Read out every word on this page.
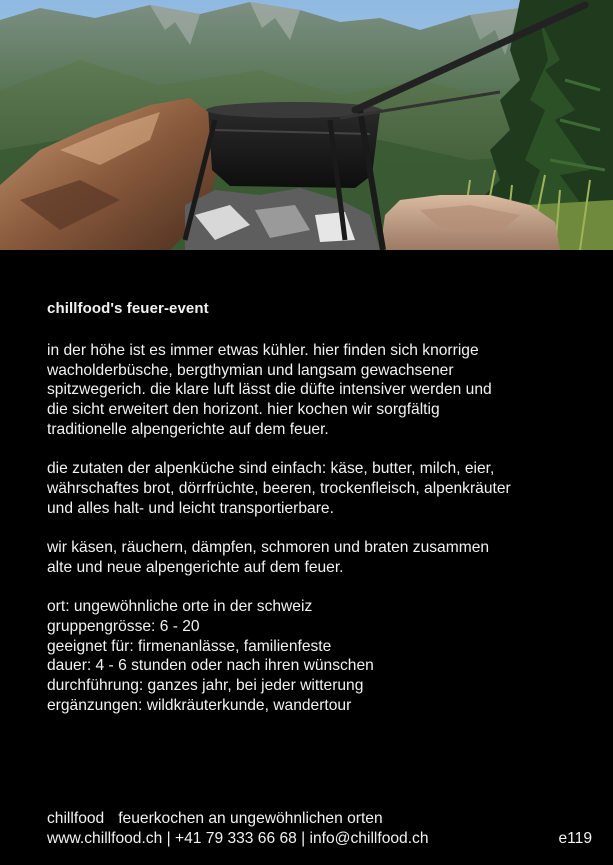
chillfood's feuer-event
in der höhe ist es immer etwas kühler. hier finden sich knorrige
wacholderbüsche, bergthymian und langsam gewachsener
spitzwegerich. die klare luft lässt die düfte intensiver werden und
die sicht erweitert den horizont. hier kochen wir sorgfältig
traditionelle alpengerichte auf dem feuer.
die zutaten der alpenküche sind einfach: käse, butter, milch, eier,
währschaftes brot, dörrfrüchte, beeren, trockenfleisch, alpenkräuter
und alles halt- und leicht transportierbare.
wir käsen, räuchern, dämpfen, schmoren und braten zusammen
alte und neue alpengerichte auf dem feuer.
ort: ungewöhnliche orte in der schweiz
gruppengrösse: 6 - 20
geeignet für: firmenanlässe, familienfeste
dauer: 4 - 6 stunden oder nach ihren wünschen
durchführung: ganzes jahr, bei jeder witterung
ergänzungen: wildkräuterkunde, wandertour
chillfood feuerkochen an ungewöhnlichen orten
www.chillfood.ch | +41 79 333 66 68 | info@chillfood.ch	e119
